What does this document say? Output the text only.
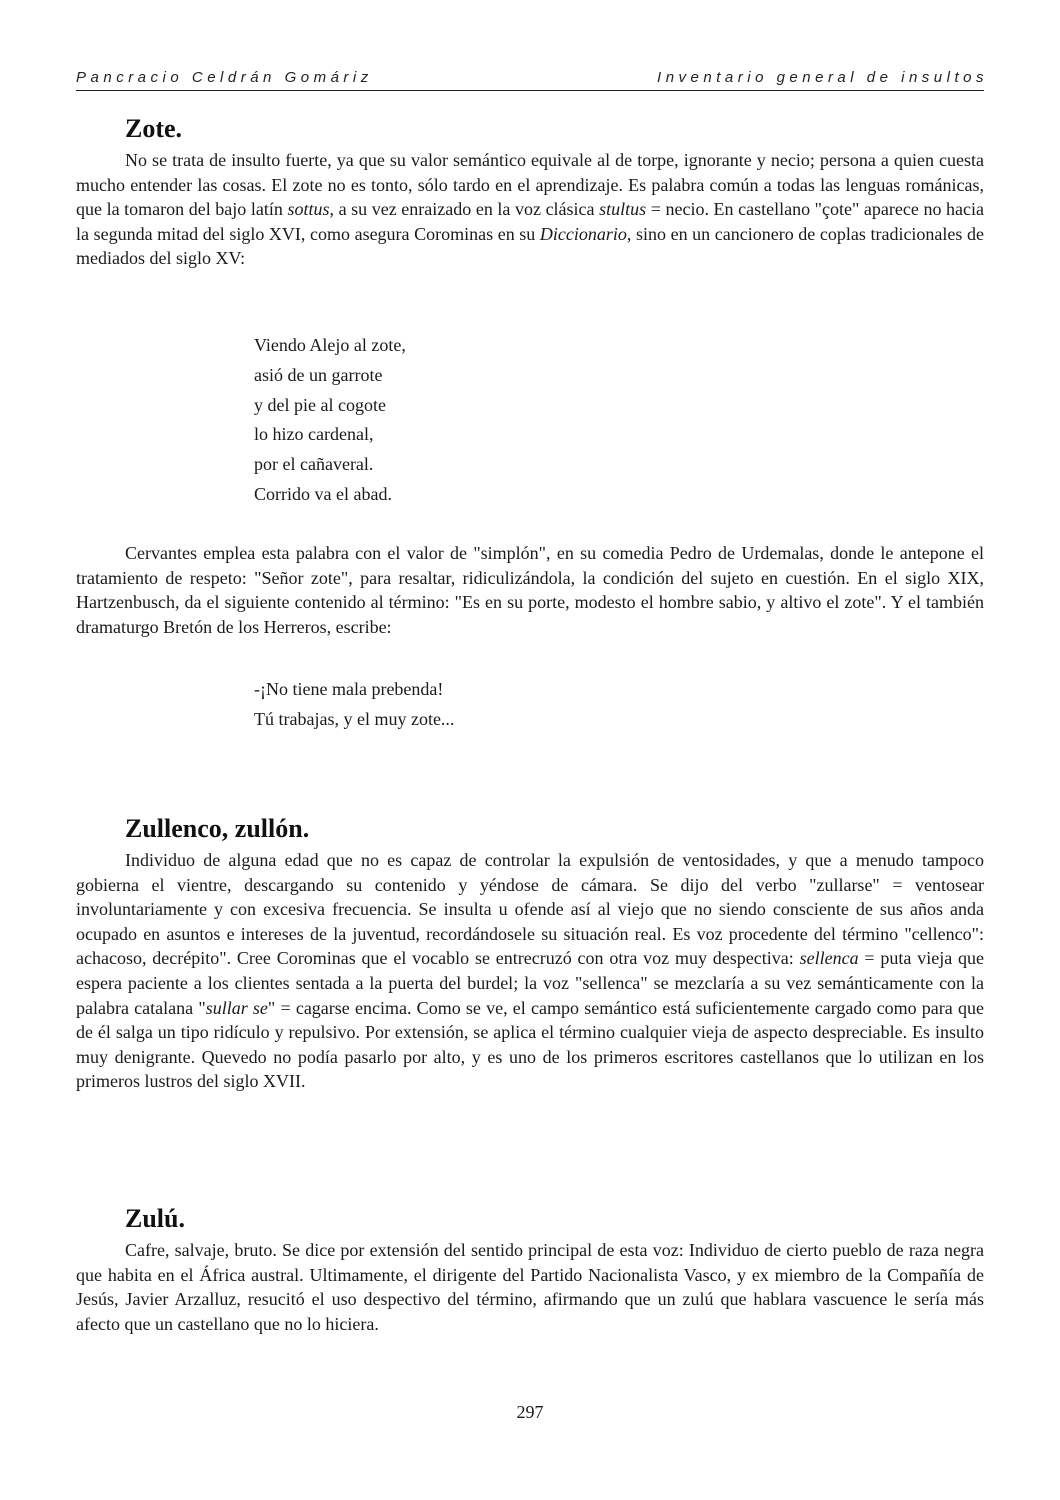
Pancracio Celdrán Gomáriz	Inventario general de insultos
Zote.

No se trata de insulto fuerte, ya que su valor semántico equivale al de torpe, ignorante y necio; persona a quien cuesta mucho entender las cosas. El zote no es tonto, sólo tardo en el aprendizaje. Es palabra común a todas las lenguas románicas, que la tomaron del bajo latín sottus, a su vez enraizado en la voz clásica stultus = necio. En castellano "çote" aparece no hacia la segunda mitad del siglo XVI, como asegura Corominas en su Diccionario, sino en un cancionero de coplas tradicionales de mediados del siglo XV:

Viendo Alejo al zote,
asió de un garrote
y del pie al cogote
lo hizo cardenal,
por el cañaveral.
Corrido va el abad.

Cervantes emplea esta palabra con el valor de "simplón", en su comedia Pedro de Urdemalas, donde le antepone el tratamiento de respeto: "Señor zote", para resaltar, ridiculizándola, la condición del sujeto en cuestión. En el siglo XIX, Hartzenbusch, da el siguiente contenido al término: "Es en su porte, modesto el hombre sabio, y altivo el zote". Y el también dramaturgo Bretón de los Herreros, escribe:

-¡No tiene mala prebenda!
Tú trabajas, y el muy zote...
Zullenco, zullón.

Individuo de alguna edad que no es capaz de controlar la expulsión de ventosidades, y que a menudo tampoco gobierna el vientre, descargando su contenido y yéndose de cámara. Se dijo del verbo "zullarse" = ventosear involuntariamente y con excesiva frecuencia. Se insulta u ofende así al viejo que no siendo consciente de sus años anda ocupado en asuntos e intereses de la juventud, recordándosele su situación real. Es voz procedente del término "cellenco": achacoso, decrépito". Cree Corominas que el vocablo se entrecruzó con otra voz muy despectiva: sellenca = puta vieja que espera paciente a los clientes sentada a la puerta del burdel; la voz "sellenca" se mezclaría a su vez semánticamente con la palabra catalana "sullar se" = cagarse encima. Como se ve, el campo semántico está suficientemente cargado como para que de él salga un tipo ridículo y repulsivo. Por extensión, se aplica el término cualquier vieja de aspecto despreciable. Es insulto muy denigrante. Quevedo no podía pasarlo por alto, y es uno de los primeros escritores castellanos que lo utilizan en los primeros lustros del siglo XVII.

Zulú.

Cafre, salvaje, bruto. Se dice por extensión del sentido principal de esta voz: Individuo de cierto pueblo de raza negra que habita en el África austral. Ultimamente, el dirigente del Partido Nacionalista Vasco, y ex miembro de la Compañía de Jesús, Javier Arzalluz, resucitó el uso despectivo del término, afirmando que un zulú que hablara vascuence le sería más afecto que un castellano que no lo hiciera.

297
